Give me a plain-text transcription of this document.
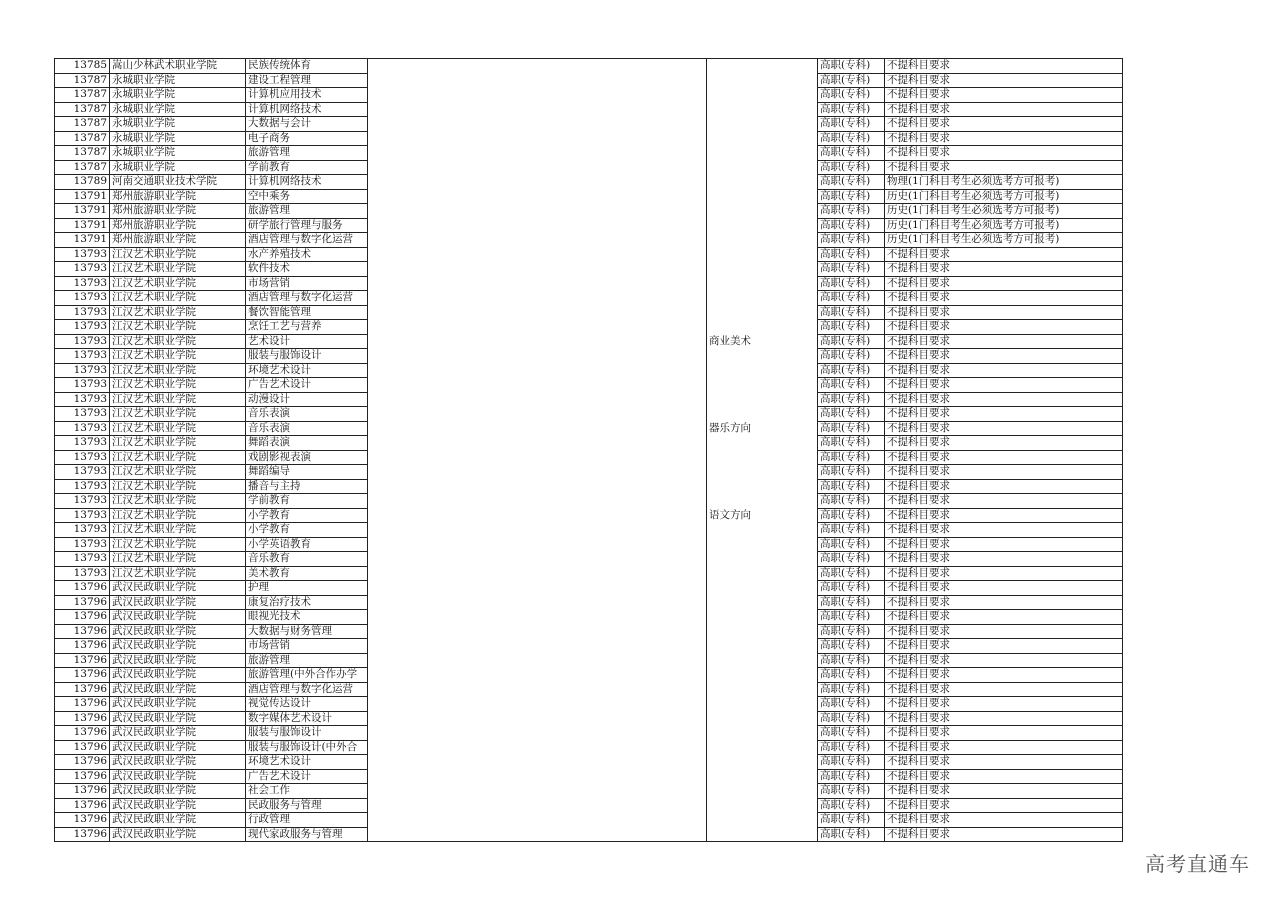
13785	嵩山少林武术职业学院	民族传统体育			高职(专科)	不提科目要求
13787	永城职业学院	建设工程管理			高职(专科)	不提科目要求
13787	永城职业学院	计算机应用技术			高职(专科)	不提科目要求
13787	永城职业学院	计算机网络技术			高职(专科)	不提科目要求
13787	永城职业学院	大数据与会计			高职(专科)	不提科目要求
13787	永城职业学院	电子商务			高职(专科)	不提科目要求
13787	永城职业学院	旅游管理			高职(专科)	不提科目要求
13787	永城职业学院	学前教育			高职(专科)	不提科目要求
13789	河南交通职业技术学院	计算机网络技术			高职(专科)	物理(1门科目考生必须选考方可报考)
13791	郑州旅游职业学院	空中乘务			高职(专科)	历史(1门科目考生必须选考方可报考)
13791	郑州旅游职业学院	旅游管理			高职(专科)	历史(1门科目考生必须选考方可报考)
13791	郑州旅游职业学院	研学旅行管理与服务			高职(专科)	历史(1门科目考生必须选考方可报考)
13791	郑州旅游职业学院	酒店管理与数字化运营			高职(专科)	历史(1门科目考生必须选考方可报考)
13793	江汉艺术职业学院	水产养殖技术			高职(专科)	不提科目要求
13793	江汉艺术职业学院	软件技术			高职(专科)	不提科目要求
13793	江汉艺术职业学院	市场营销			高职(专科)	不提科目要求
13793	江汉艺术职业学院	酒店管理与数字化运营			高职(专科)	不提科目要求
13793	江汉艺术职业学院	餐饮智能管理			高职(专科)	不提科目要求
13793	江汉艺术职业学院	烹饪工艺与营养			高职(专科)	不提科目要求
13793	江汉艺术职业学院	艺术设计		商业美术	高职(专科)	不提科目要求
13793	江汉艺术职业学院	服装与服饰设计			高职(专科)	不提科目要求
13793	江汉艺术职业学院	环境艺术设计			高职(专科)	不提科目要求
13793	江汉艺术职业学院	广告艺术设计			高职(专科)	不提科目要求
13793	江汉艺术职业学院	动漫设计			高职(专科)	不提科目要求
13793	江汉艺术职业学院	音乐表演			高职(专科)	不提科目要求
13793	江汉艺术职业学院	音乐表演		器乐方向	高职(专科)	不提科目要求
13793	江汉艺术职业学院	舞蹈表演			高职(专科)	不提科目要求
13793	江汉艺术职业学院	戏剧影视表演			高职(专科)	不提科目要求
13793	江汉艺术职业学院	舞蹈编导			高职(专科)	不提科目要求
13793	江汉艺术职业学院	播音与主持			高职(专科)	不提科目要求
13793	江汉艺术职业学院	学前教育			高职(专科)	不提科目要求
13793	江汉艺术职业学院	小学教育		语文方向	高职(专科)	不提科目要求
13793	江汉艺术职业学院	小学教育			高职(专科)	不提科目要求
13793	江汉艺术职业学院	小学英语教育			高职(专科)	不提科目要求
13793	江汉艺术职业学院	音乐教育			高职(专科)	不提科目要求
13793	江汉艺术职业学院	美术教育			高职(专科)	不提科目要求
13796	武汉民政职业学院	护理			高职(专科)	不提科目要求
13796	武汉民政职业学院	康复治疗技术			高职(专科)	不提科目要求
13796	武汉民政职业学院	眼视光技术			高职(专科)	不提科目要求
13796	武汉民政职业学院	大数据与财务管理			高职(专科)	不提科目要求
13796	武汉民政职业学院	市场营销			高职(专科)	不提科目要求
13796	武汉民政职业学院	旅游管理			高职(专科)	不提科目要求
13796	武汉民政职业学院	旅游管理(中外合作办学			高职(专科)	不提科目要求
13796	武汉民政职业学院	酒店管理与数字化运营			高职(专科)	不提科目要求
13796	武汉民政职业学院	视觉传达设计			高职(专科)	不提科目要求
13796	武汉民政职业学院	数字媒体艺术设计			高职(专科)	不提科目要求
13796	武汉民政职业学院	服装与服饰设计			高职(专科)	不提科目要求
13796	武汉民政职业学院	服装与服饰设计(中外合			高职(专科)	不提科目要求
13796	武汉民政职业学院	环境艺术设计			高职(专科)	不提科目要求
13796	武汉民政职业学院	广告艺术设计			高职(专科)	不提科目要求
13796	武汉民政职业学院	社会工作			高职(专科)	不提科目要求
13796	武汉民政职业学院	民政服务与管理			高职(专科)	不提科目要求
13796	武汉民政职业学院	行政管理			高职(专科)	不提科目要求
13796	武汉民政职业学院	现代家政服务与管理			高职(专科)	不提科目要求
高考直通车
